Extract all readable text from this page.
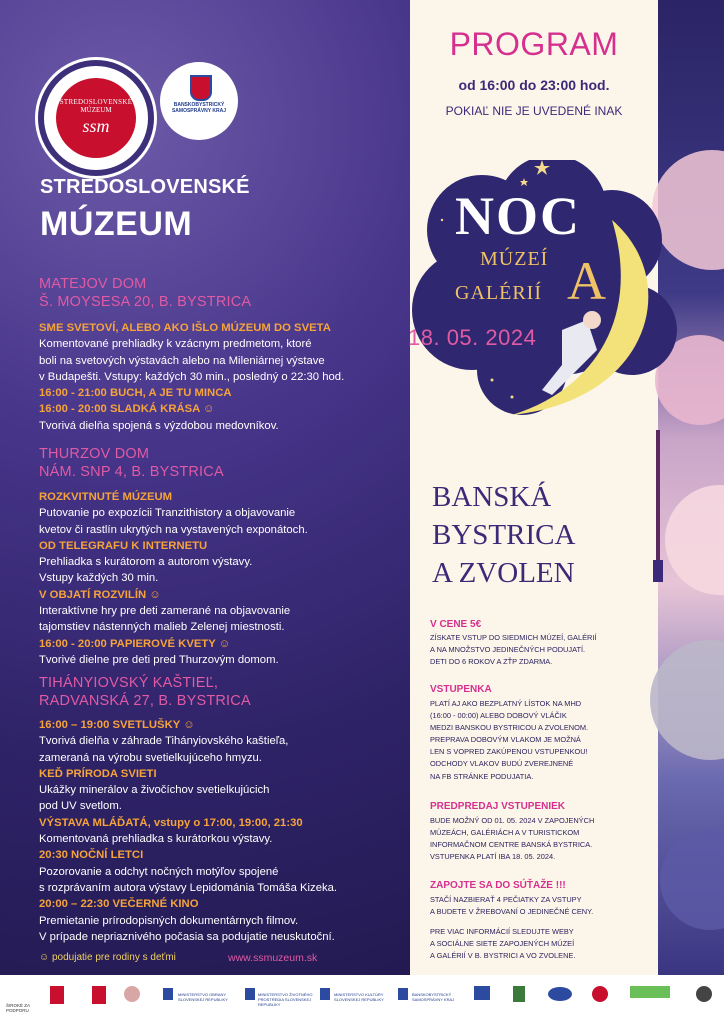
STREDOSLOVENSKÉ
MÚZEUM
ssm
BANSKOBYSTRICKÝ
SAMOSPRÁVNY KRAJ
STREDOSLOVENSKÉ
MÚZEUM
MATEJOV DOM
Š. MOYSESA 20, B. BYSTRICA
SME SVETOVÍ, ALEBO AKO IŠLO MÚZEUM DO SVETA
Komentované prehliadky k vzácnym predmetom, ktoré
boli na svetových výstavách alebo na Mileniárnej výstave
v Budapešti. Vstupy: každých 30 min., posledný o 22:30 hod.
16:00 - 21:00 BUCH, A JE TU MINCA
16:00 - 20:00 SLADKÁ KRÁSA ☺
Tvorivá dielňa spojená s výzdobou medovníkov.
THURZOV DOM
NÁM. SNP 4, B. BYSTRICA
ROZKVITNUTÉ MÚZEUM
Putovanie po expozícii Tranzithistory a objavovanie
kvetov či rastlín ukrytých na vystavených exponátoch.
OD TELEGRAFU K INTERNETU
Prehliadka s kurátorom a autorom výstavy.
Vstupy každých 30 min.
V OBJATÍ ROZVILÍN ☺
Interaktívne hry pre deti zamerané na objavovanie
tajomstiev nástenných malieb Zelenej miestnosti.
16:00 - 20:00 PAPIEROVÉ KVETY ☺
Tvorivé dielne pre deti pred Thurzovým domom.
TIHÁNYIOVSKÝ KAŠTIEĽ,
RADVANSKÁ 27, B. BYSTRICA
16:00 – 19:00 SVETLUŠKY ☺
Tvorivá dielňa v záhrade Tihányiovského kaštieľa,
zameraná na výrobu svetielkujúceho hmyzu.
KEĎ PRÍRODA SVIETI
Ukážky minerálov a živočíchov svetielkujúcich
pod UV svetlom.
VÝSTAVA MLÁĎATÁ, vstupy o 17:00, 19:00, 21:30
Komentovaná prehliadka s kurátorkou výstavy.
20:30 NOČNÍ LETCI
Pozorovanie a odchyt nočných motýľov spojené
s rozprávaním autora výstavy Lepidománia Tomáša Kizeka.
20:00 – 22:30 VEČERNÉ KINO
Premietanie prírodopisných dokumentárnych filmov.
V prípade nepriaznivého počasia sa podujatie neuskutoční.
☺ podujatie pre rodiny s deťmi	www.ssmuzeum.sk
PROGRAM
od 16:00 do 23:00 hod.
POKIAĽ NIE JE UVEDENÉ INAK
NOC
MÚZEÍ A
GALÉRIÍ
18. 05. 2024
BANSKÁ
BYSTRICA
A ZVOLEN
V CENE 5€
ZÍSKATE VSTUP DO SIEDMICH MÚZEÍ, GALÉRIÍ
A NA MNOŽSTVO JEDINEČNÝCH PODUJATÍ.
DETI DO 6 ROKOV A ZŤP ZDARMA.
VSTUPENKA
PLATÍ AJ AKO BEZPLATNÝ LÍSTOK NA MHD
(16:00 - 00:00) ALEBO DOBOVÝ VLÁČIK
MEDZI BANSKOU BYSTRICOU A ZVOLENOM.
PREPRAVA DOBOVÝM VLAKOM JE MOŽNÁ
LEN S VOPRED ZAKÚPENOU VSTUPENKOU!
ODCHODY VLAKOV BUDÚ ZVEREJNENÉ
NA FB STRÁNKE PODUJATIA.
PREDPREDAJ VSTUPENIEK
BUDE MOŽNÝ OD 01. 05. 2024 V ZAPOJENÝCH
MÚZEÁCH, GALÉRIÁCH A V TURISTICKOM
INFORMAČNOM CENTRE BANSKÁ BYSTRICA.
VSTUPENKA PLATÍ IBA 18. 05. 2024.
ZAPOJTE SA DO SÚŤAŽE !!!
STAČÍ NAZBIERAŤ 4 PEČIATKY ZA VSTUPY
A BUDETE V ŽREBOVANÍ O JEDINEČNÉ CENY.
PRE VIAC INFORMÁCIÍ SLEDUJTE WEBY
A SOCIÁLNE SIETE ZAPOJENÝCH MÚZEÍ
A GALÉRIÍ V B. BYSTRICI A VO ZVOLENE.
ŠIROKÉ ZA PODPORU
MINISTERSTVO OBRANY SLOVENSKEJ REPUBLIKY
MINISTERSTVO ŽIVOTNÉHO PROSTREDIA SLOVENSKEJ REPUBLIKY
MINISTERSTVO KULTÚRY SLOVENSKEJ REPUBLIKY
BANSKOBYSTRICKÝ SAMOSPRÁVNY KRAJ
